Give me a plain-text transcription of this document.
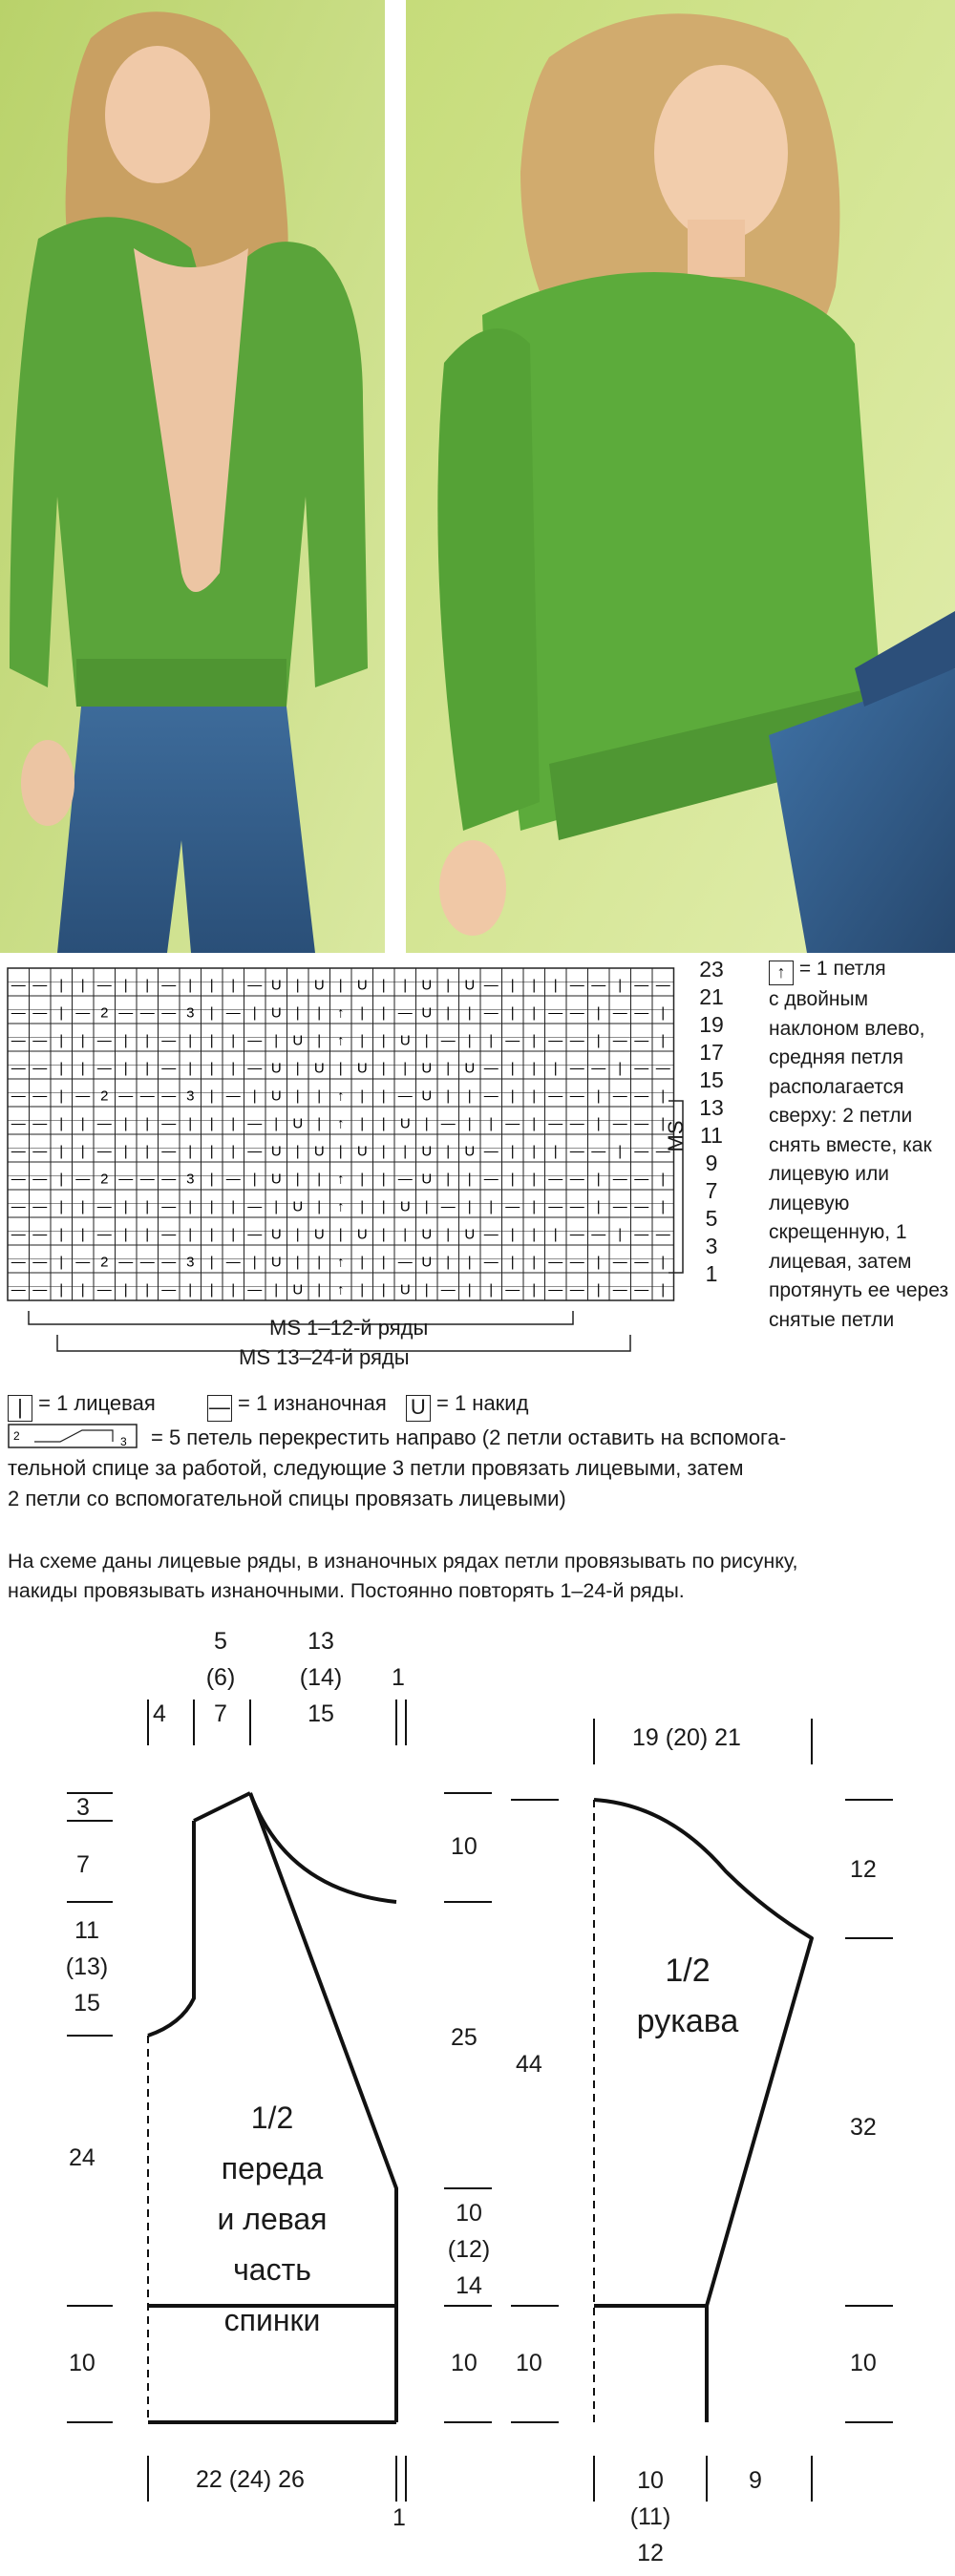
— — | | — | | — | | | — U | U | U | | U | U — | | | — — | — —
— — | — 2 — — — 3 | — | U | | ↑ | | — U | | — | | — — | — — |
— — | | — | | — | | | — | U | ↑ | | U | — | | — | — — | — — |
— — | | — | | — | | | — U | U | U | | U | U — | | | — — | — —
— — | — 2 — — — 3 | — | U | | ↑ | | — U | | — | | — — | — — |
— — | | — | | — | | | — | U | ↑ | | U | — | | — | — — | — — |
— — | | — | | — | | | — U | U | U | | U | U — | | | — — | — —
— — | — 2 — — — 3 | — | U | | ↑ | | — U | | — | | — — | — — |
— — | | — | | — | | | — | U | ↑ | | U | — | | — | — — | — — |
— — | | — | | — | | | — U | U | U | | U | U — | | | — — | — —
— — | — 2 — — — 3 | — | U | | ↑ | | — U | | — | | — — | — — |
— — | | — | | — | | | — | U | ↑ | | U | — | | — | — — | — — |
23
21
19
17
15
13
11
9
7
5
3
1
MS
MS 1–12-й ряды
MS 13–24-й ряды
↑ = 1 петля
с двойным наклоном влево, средняя петля располагается сверху: 2 петли снять вместе, как лицевую или лицевую скрещенную, 1 лицевая, затем протянуть ее через снятые петли
| = 1 лицевая	— = 1 изнаночная U = 1 накид
2	3 = 5 петель перекрестить направо (2 петли оставить на вспомога-
тельной спице за работой, следующие 3 петли провязать лицевыми, затем
2 петли со вспомогательной спицы провязать лицевыми)
На схеме даны лицевые ряды, в изнаночных рядах петли провязывать по рисунку,
накиды провязывать изнаночными. Постоянно повторять 1–24-й ряды.
4
5
(6)
7
13
(14)
15
1
3
7
11
(13)
15
24
10
10
25
10
(12)
14
10
44
10
22 (24) 26
1
1/2
переда
и левая
часть
спинки
19 (20) 21
12
32
10
10
(11)
12
9
1/2
рукава
